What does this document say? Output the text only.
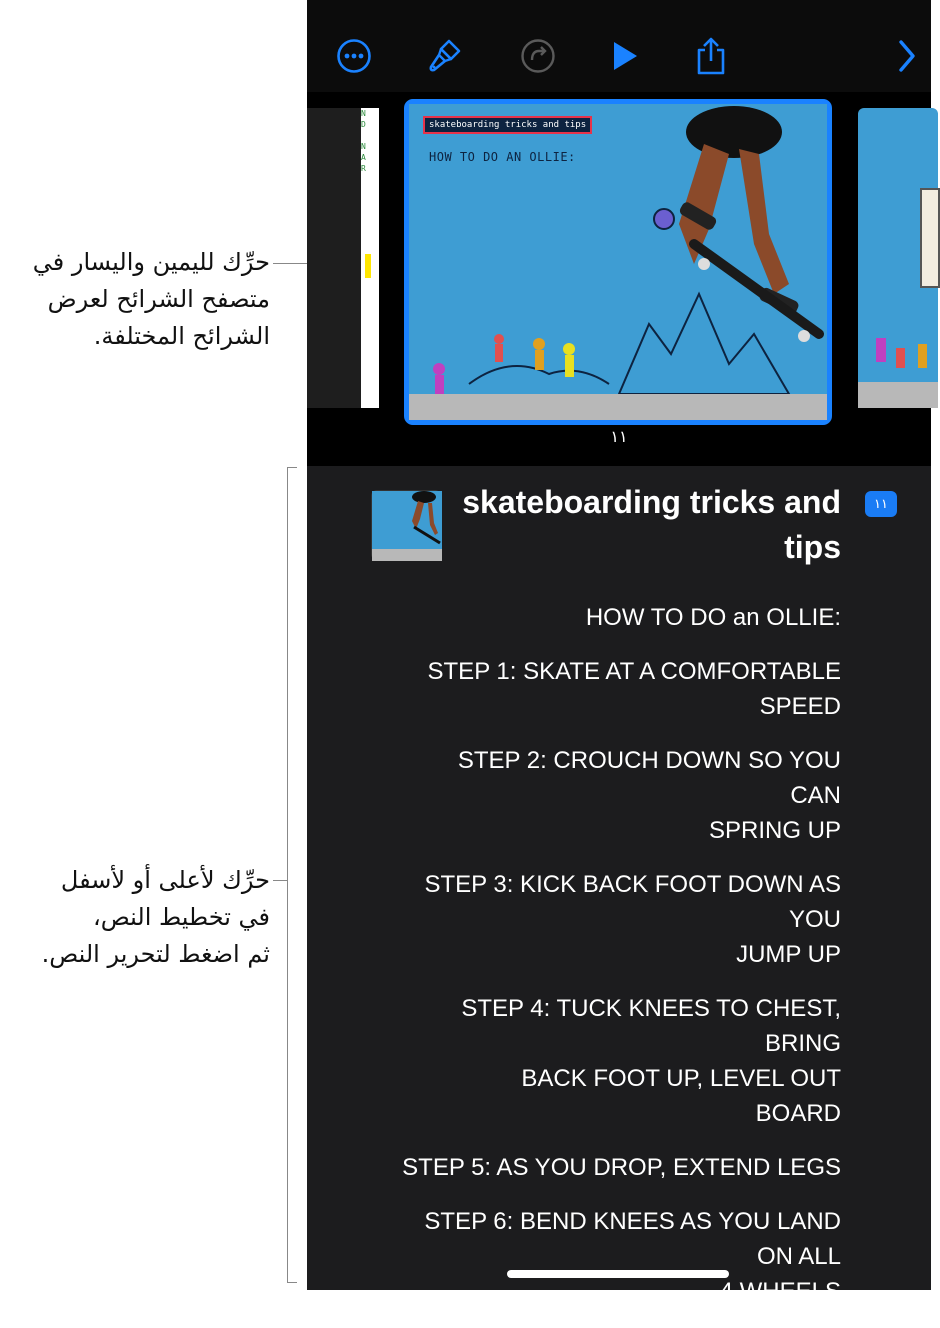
حرِّك لليمين واليسار في
متصفح الشرائح لعرض
الشرائح المختلفة.
حرِّك لأعلى أو لأسفل
في تخطيط النص،
ثم اضغط لتحرير النص.
N
D

N
A
R
skateboarding tricks and tips
HOW TO DO AN OLLIE:
١١
١١
skateboarding tricks and tips
HOW TO DO an OLLIE:
STEP 1: SKATE AT A COMFORTABLE
SPEED
STEP 2: CROUCH DOWN SO YOU
CAN
SPRING UP
STEP 3: KICK BACK FOOT DOWN AS
YOU
JUMP UP
STEP 4: TUCK KNEES TO CHEST,
BRING
BACK FOOT UP, LEVEL OUT
BOARD
STEP 5: AS YOU DROP, EXTEND LEGS
STEP 6: BEND KNEES AS YOU LAND
ON ALL
4 WHEELS
